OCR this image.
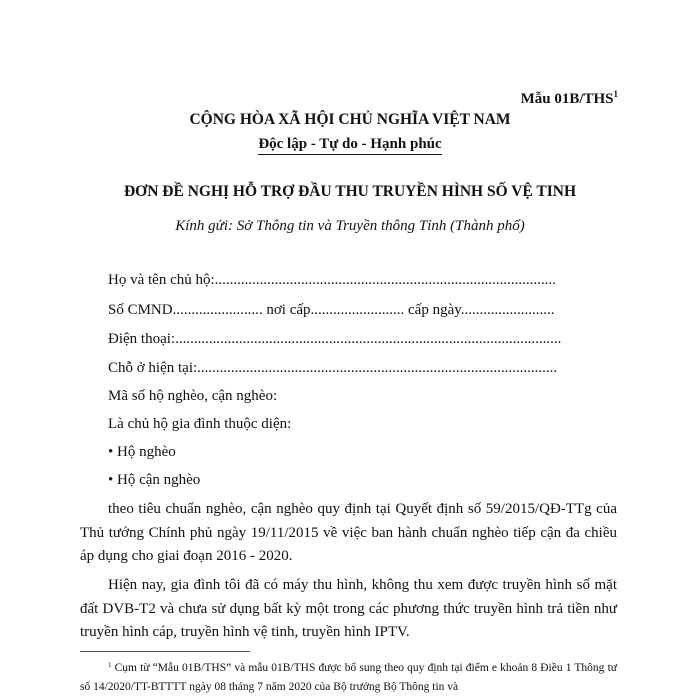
Mẫu 01B/THS$^1$
CỘNG HÒA XÃ HỘI CHỦ NGHĨA VIỆT NAM
Độc lập - Tự do - Hạnh phúc
ĐƠN ĐỀ NGHỊ HỖ TRỢ ĐẦU THU TRUYỀN HÌNH SỐ VỆ TINH
Kính gửi: Sở Thông tin và Truyền thông Tỉnh (Thành phố)
Họ và tên chủ hộ:...........................................................................................
Số CMND........................ nơi cấp......................... cấp ngày.........................
Điện thoại:.......................................................................................................
Chỗ ở hiện tại:................................................................................................
Mã số hộ nghèo, cận nghèo:
Là chủ hộ gia đình thuộc diện:
• Hộ nghèo
• Hộ cận nghèo
theo tiêu chuẩn nghèo, cận nghèo quy định tại Quyết định số 59/2015/QĐ-TTg của Thủ tướng Chính phủ ngày 19/11/2015 về việc ban hành chuẩn nghèo tiếp cận đa chiều áp dụng cho giai đoạn 2016 - 2020.
Hiện nay, gia đình tôi đã có máy thu hình, không thu xem được truyền hình số mặt đất DVB-T2 và chưa sử dụng bất kỳ một trong các phương thức truyền hình trả tiền như truyền hình cáp, truyền hình vệ tinh, truyền hình IPTV.
$^1$ Cụm từ “Mẫu 01B/THS” và mẫu 01B/THS được bổ sung theo quy định tại điểm e khoản 8 Điều 1 Thông tư số 14/2020/TT-BTTTT ngày 08 tháng 7 năm 2020 của Bộ trưởng Bộ Thông tin và
